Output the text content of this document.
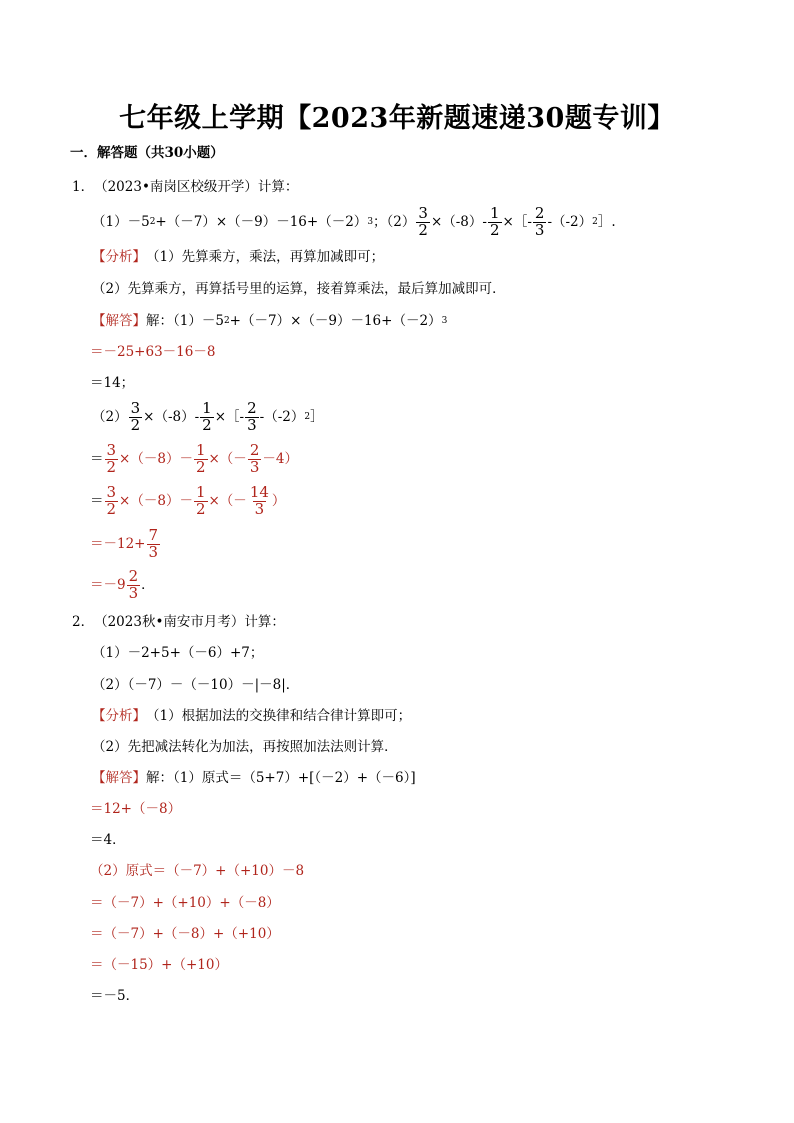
七年级上学期【2023年新题速递30题专训】
一．解答题（共30小题）
1． （2023•南岗区校级开学）计算：
（1）－5 2 +（－7）×（－9）－16+（－2） 3 ；$(2) \frac{3}{2} \times(-8)- \frac{1}{2}$ ×［- $\frac{2}{3} -(-2)$ 2 ］.
【分析】 （1）先算乘方，乘法，再算加减即可；
（2）先算乘方，再算括号里的运算，接着算乘法，最后算加减即可．
【解答】 解：（1）－5 2 +（－7）×（－9）－16+（－2） 3
＝－25+63－16－8
＝14；
$(2) \frac{3}{2} \times(-8)- \frac{1}{2}$ ×［- $\frac{2}{3} -(-2)$ 2 ］
＝ $\frac{3}{2} \times(-8)- \frac{1}{2}$ ×（－ $\frac{2}{3} -4$）
＝ $\frac{3}{2} \times(-8)- \frac{1}{2}$ ×（－ $\frac{14}{3}$ ）
$=-12+ \frac{7}{3}$
$=-9 \frac{2}{3}$ ．
2． （2023秋•南安市月考）计算：
（1）－2+5+（－6）+7；
（2）（－7）－（－10）－|－8|．
【分析】 （1）根据加法的交换律和结合律计算即可；
（2）先把减法转化为加法，再按照加法法则计算．
【解答】 解：（1）原式＝（5+7）+[（－2）+（－6）]
＝12+（－8）
＝4．
（2）原式＝（－7）+（+10）－8
＝（－7）+（+10）+（－8）
＝（－7）+（－8）+（+10）
＝（－15）+（+10）
＝－5．
